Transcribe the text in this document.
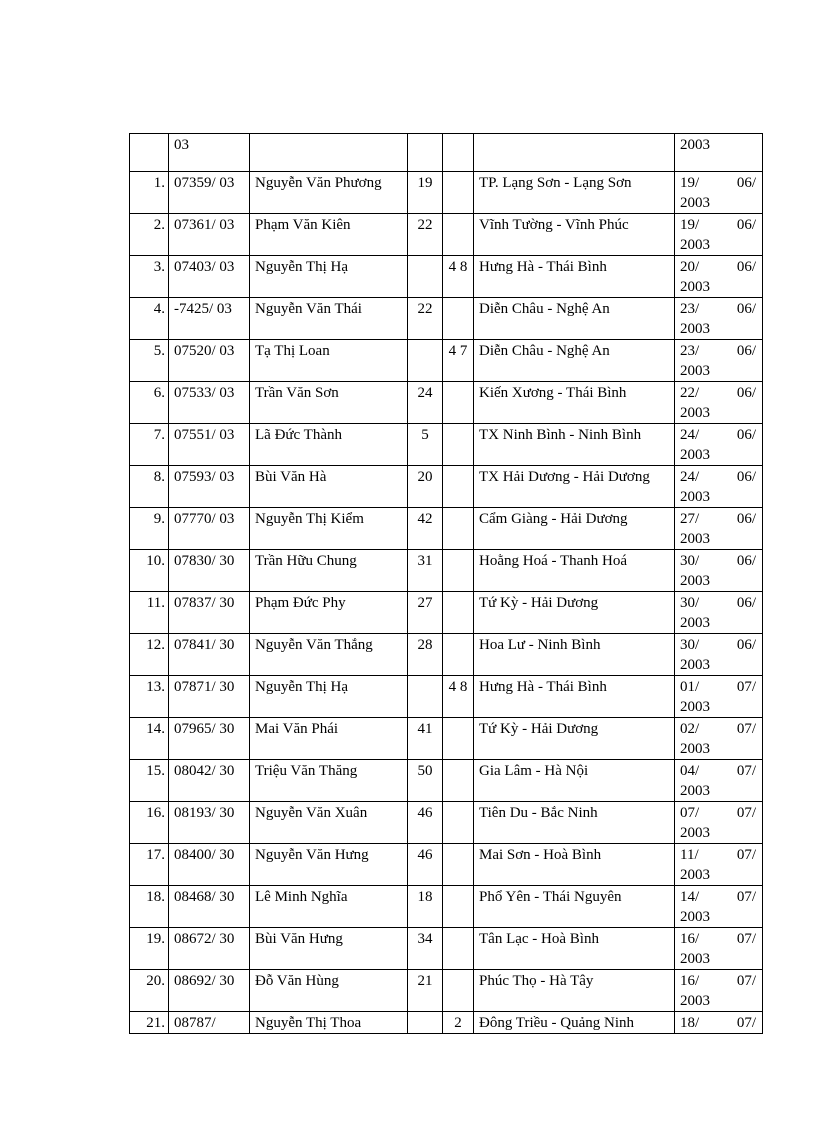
	03					2003

1.	07359/ 03	Nguyễn Văn Phương	19		TP. Lạng Sơn - Lạng Sơn	19/ 06/
2003

2.	07361/ 03	Phạm Văn Kiên	22		Vĩnh Tường - Vĩnh Phúc	19/ 06/
2003

3.	07403/ 03	Nguyễn Thị Hạ		4 8	Hưng Hà - Thái Bình	20/ 06/
2003

4.	-7425/ 03	Nguyễn Văn Thái	22		Diễn Châu - Nghệ An	23/ 06/
2003

5.	07520/ 03	Tạ Thị Loan		4 7	Diễn Châu - Nghệ An	23/ 06/
2003

6.	07533/ 03	Trần Văn Sơn	24		Kiến Xương - Thái Bình	22/ 06/
2003

7.	07551/ 03	Lã Đức Thành	5		TX Ninh Bình - Ninh Bình	24/ 06/
2003

8.	07593/ 03	Bùi Văn Hà	20		TX Hải Dương - Hải Dương	24/ 06/
2003

9.	07770/ 03	Nguyễn Thị Kiểm	42		Cẩm Giàng - Hải Dương	27/ 06/
2003

10.	07830/ 30	Trần Hữu Chung	31		Hoằng Hoá - Thanh Hoá	30/ 06/
2003

11.	07837/ 30	Phạm Đức Phy	27		Tứ Kỳ - Hải Dương	30/ 06/
2003

12.	07841/ 30	Nguyễn Văn Thắng	28		Hoa Lư - Ninh Bình	30/ 06/
2003

13.	07871/ 30	Nguyễn Thị Hạ		4 8	Hưng Hà - Thái Bình	01/ 07/
2003

14.	07965/ 30	Mai Văn Phái	41		Tứ Kỳ - Hải Dương	02/ 07/
2003

15.	08042/ 30	Triệu Văn Thăng	50		Gia Lâm - Hà Nội	04/ 07/
2003

16.	08193/ 30	Nguyễn Văn Xuân	46		Tiên Du - Bắc Ninh	07/ 07/
2003

17.	08400/ 30	Nguyễn Văn Hưng	46		Mai Sơn - Hoà Bình	11/ 07/
2003

18.	08468/ 30	Lê Minh Nghĩa	18		Phổ Yên - Thái Nguyên	14/ 07/
2003

19.	08672/ 30	Bùi Văn Hưng	34		Tân Lạc - Hoà Bình	16/ 07/
2003

20.	08692/ 30	Đỗ Văn Hùng	21		Phúc Thọ - Hà Tây	16/ 07/
2003

21.	08787/	Nguyễn Thị Thoa		2	Đông Triều - Quảng Ninh	18/ 07/
